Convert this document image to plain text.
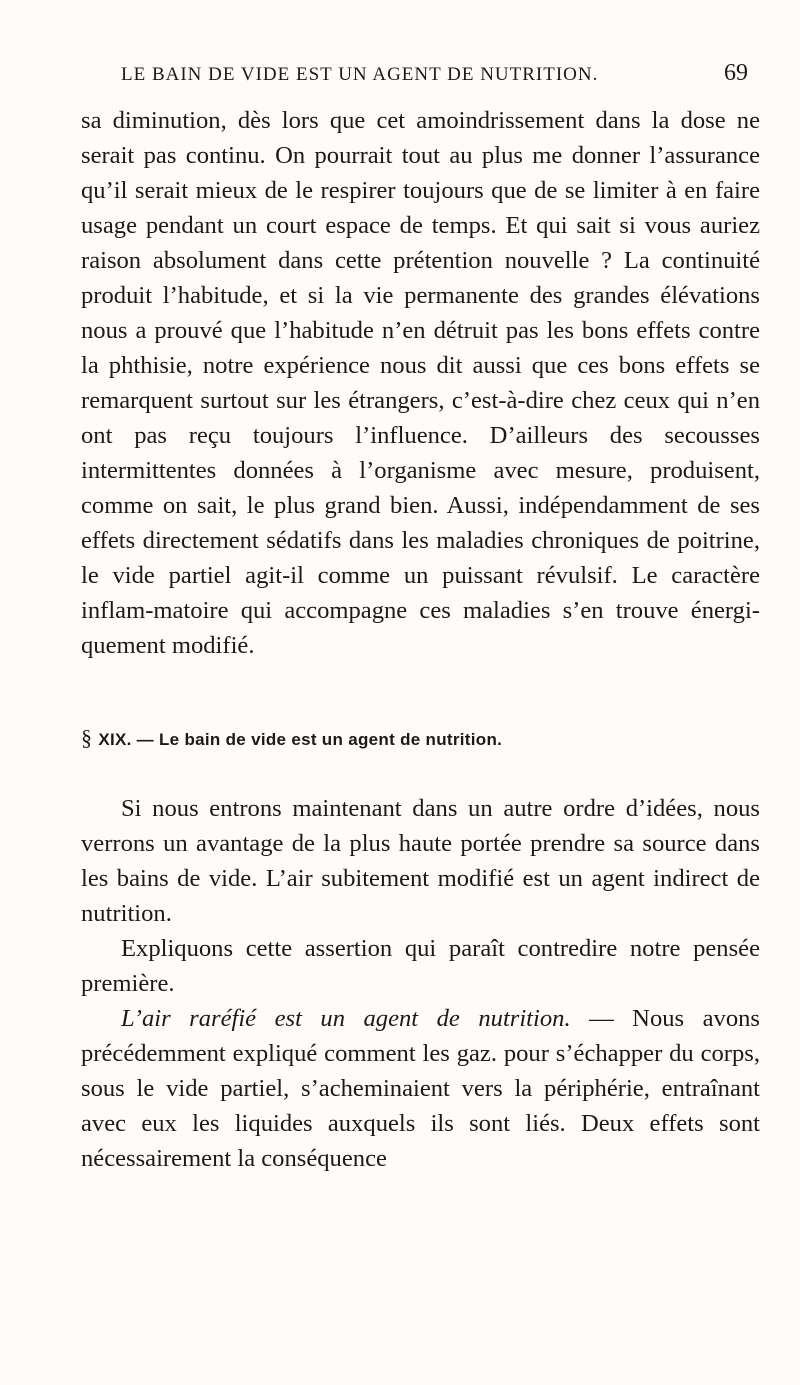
LE BAIN DE VIDE EST UN AGENT DE NUTRITION.	69

sa diminution, dès lors que cet amoindrissement dans la dose ne serait pas continu. On pourrait tout au plus me donner l’assurance qu’il serait mieux de le respirer toujours que de se limiter à en faire usage pendant un court espace de temps. Et qui sait si vous auriez raison absolument dans cette prétention nouvelle ? La continuité produit l’habitude, et si la vie permanente des grandes élévations nous a prouvé que l’habitude n’en détruit pas les bons effets contre la phthisie, notre expérience nous dit aussi que ces bons effets se remarquent surtout sur les étrangers, c’est-à-dire chez ceux qui n’en ont pas reçu toujours l’influence. D’ailleurs des secousses intermittentes données à l’organisme avec mesure, produisent, comme on sait, le plus grand bien. Aussi, indépendamment de ses effets directement sédatifs dans les maladies chroniques de poitrine, le vide partiel agit-il comme un puissant révulsif. Le caractère inflam-matoire qui accompagne ces maladies s’en trouve énergi-quement modifié.

§ XIX. — Le bain de vide est un agent de nutrition.

Si nous entrons maintenant dans un autre ordre d’idées, nous verrons un avantage de la plus haute portée prendre sa source dans les bains de vide. L’air subitement modifié est un agent indirect de nutrition.

Expliquons cette assertion qui paraît contredire notre pensée première.

L’air raréfié est un agent de nutrition. — Nous avons précédemment expliqué comment les gaz. pour s’échapper du corps, sous le vide partiel, s’acheminaient vers la périphérie, entraînant avec eux les liquides auxquels ils sont liés. Deux effets sont nécessairement la conséquence
